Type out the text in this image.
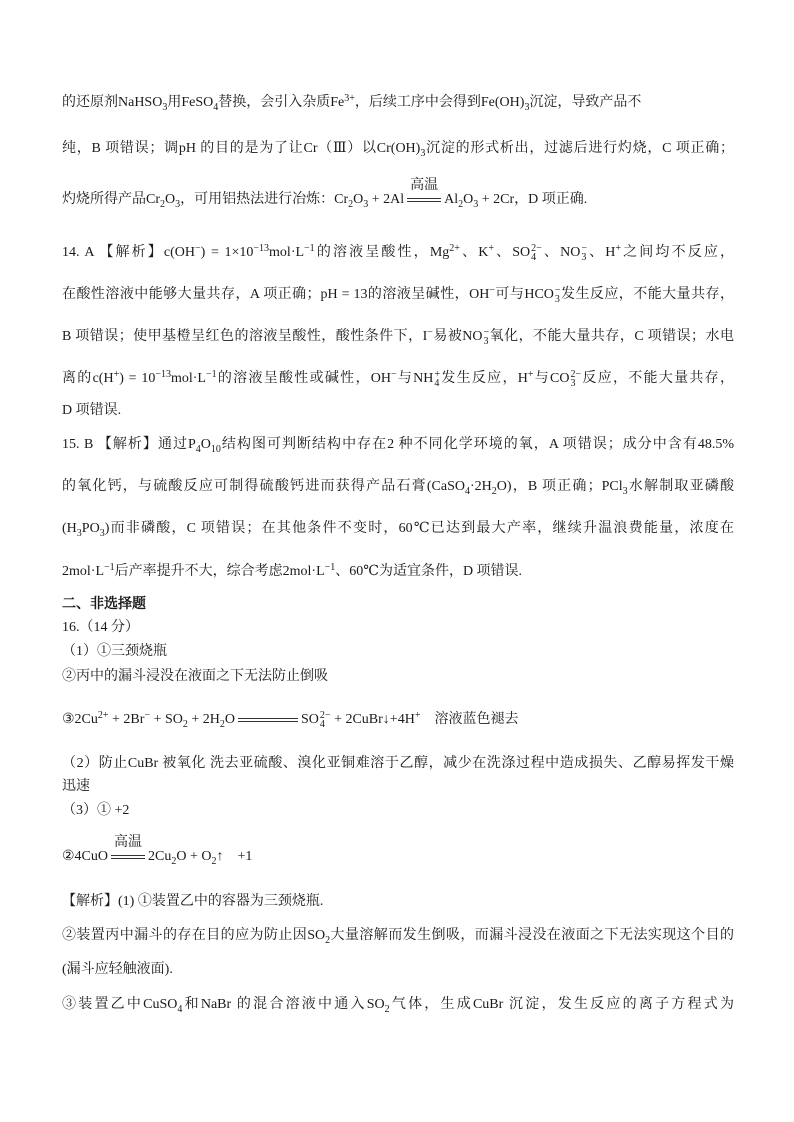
的还原剂NaHSO$_3$用FeSO$_4$替换，会引入杂质$Fe^{3+}$，后续工序中会得到$Fe(OH)_3$沉淀，导致产品不
纯，B 项错误；调pH 的目的是为了让Cr（Ⅲ）以$Cr(OH)_3$沉淀的形式析出，过滤后进行灼烧，C 项正确；
灼烧所得产品$Cr_2O_3$，可用铝热法进行冶炼：$Cr_2O_3 + 2Al$
高温
$Al_2O_3 + 2Cr$，D 项正确.
14. A 【解析】$c(OH^-) = 1\times 10^{-13}mol\cdot L^{-1}$的溶液呈酸性，$Mg^{2+}$、K+、SO 2−
4 、NO −
3 、H+之间均不反应，
在酸性溶液中能够大量共存，A 项正确；pH = 13的溶液呈碱性，OH−可与HCO −
3 发生反应，不能大量共存，
B 项错误；使甲基橙呈红色的溶液呈酸性，酸性条件下，I−易被NO −
3 氧化，不能大量共存，C 项错误；水电
离的$c(H^+) = 10^{-13}mol\cdot L^{-1}$的溶液呈酸性或碱性，OH−与NH +
4 发生反应，H+与CO 2−
3 反应，不能大量共存，
D 项错误.
15. B 【解析】通过$P_4O_{10}$结构图可判断结构中存在2 种不同化学环境的氧，A 项错误；成分中含有48.5%
的氧化钙，与硫酸反应可制得硫酸钙进而获得产品石膏$(CaSO_4\cdot 2H_2O)$，B 项正确；PCl$_3$水解制取亚磷酸
$(H_3PO_3)$而非磷酸，C 项错误；在其他条件不变时，60℃已达到最大产率，继续升温浪费能量，浓度在
$2mol\cdot L^{-1}$后产率提升不大，综合考虑$2mol\cdot L^{-1}$、60℃为适宜条件，D 项错误.
二、非选择题
16.（14 分）
（1）①三颈烧瓶
②丙中的漏斗浸没在液面之下无法防止倒吸
$③2Cu^{2+} + 2Br^- + SO_2 + 2H_2O$	SO 2−
4 + 2CuBr↓+4H+    溶液蓝色褪去
（2）防止CuBr 被氧化 洗去亚硫酸、溴化亚铜难溶于乙醇，减少在洗涤过程中造成损失、乙醇易挥发干燥
迅速
（3）① +2
②4CuO
高温
$2Cu_2O$ + $O_2↑$    +1
【解析】(1) ①装置乙中的容器为三颈烧瓶.
②装置丙中漏斗的存在目的应为防止因$SO_2$大量溶解而发生倒吸，而漏斗浸没在液面之下无法实现这个目的
(漏斗应轻触液面).
③装置乙中CuSO$_4$和NaBr 的混合溶液中通入$SO_2$气体，生成CuBr 沉淀，发生反应的离子方程式为
